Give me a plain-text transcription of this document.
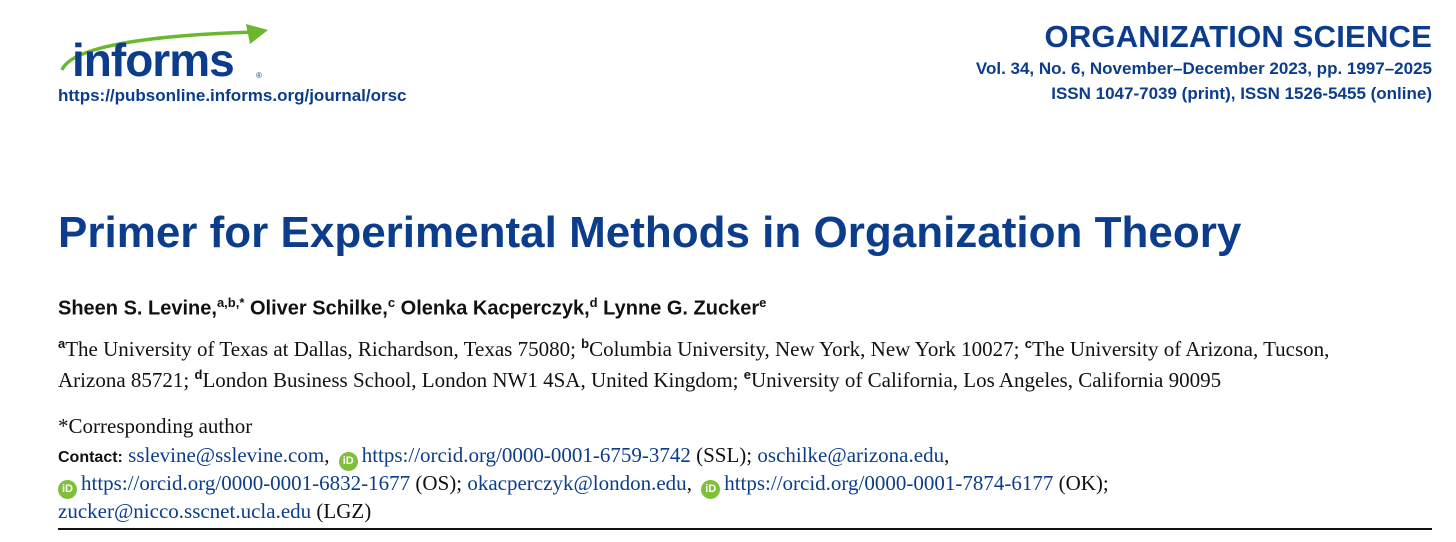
informs	®
https://pubsonline.informs.org/journal/orsc
ORGANIZATION SCIENCE
Vol. 34, No. 6, November–December 2023, pp. 1997–2025
ISSN 1047-7039 (print), ISSN 1526-5455 (online)
Primer for Experimental Methods in Organization Theory
Sheen S. Levine,$^{a,b,*}$ Oliver Schilke,$^c$ Olenka Kacperczyk,$^d$ Lynne G. Zucker$^e$
$^a$The University of Texas at Dallas, Richardson, Texas 75080; $^b$Columbia University, New York, New York 10027; $^c$The University of Arizona, Tucson, Arizona 85721; $^d$London Business School, London NW1 4SA, United Kingdom; $^e$University of California, Los Angeles, California 90095
*Corresponding author
Contact: sslevine@sslevine.com, iD https://orcid.org/0000-0001-6759-3742 (SSL); oschilke@arizona.edu,
iD https://orcid.org/0000-0001-6832-1677 (OS); okacperczyk@london.edu, iD https://orcid.org/0000-0001-7874-6177 (OK);
zucker@nicco.sscnet.ucla.edu (LGZ)
